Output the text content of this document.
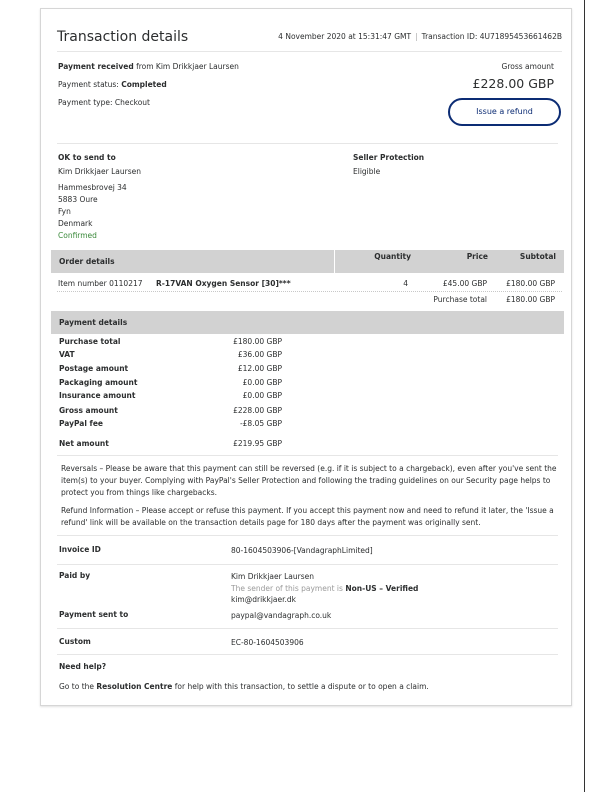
Transaction details	4 November 2020 at 15:31:47 GMT | Transaction ID: 4U71895453661462B
Payment received from Kim Drikkjaer Laursen
Payment status: Completed
Payment type: Checkout
Gross amount
£228.00 GBP
Issue a refund
OK to send to
Kim Drikkjaer Laursen
Hammesbrovej 34
5883 Oure
Fyn
Denmark
Confirmed
Seller Protection
Eligible
Order details
Quantity	Price	Subtotal
Item number 0110217 R-17VAN Oxygen Sensor [30]***	4	£45.00 GBP	£180.00 GBP
Purchase total	£180.00 GBP
Payment details
Purchase total	£180.00 GBP
VAT	£36.00 GBP
Postage amount	£12.00 GBP
Packaging amount	£0.00 GBP
Insurance amount	£0.00 GBP
Gross amount	£228.00 GBP
PayPal fee	-£8.05 GBP
Net amount	£219.95 GBP
Reversals – Please be aware that this payment can still be reversed (e.g. if it is subject to a chargeback), even after you've sent the item(s) to your buyer. Complying with PayPal's Seller Protection and following the trading guidelines on our Security page helps to protect you from things like chargebacks.
Refund Information – Please accept or refuse this payment. If you accept this payment now and need to refund it later, the 'Issue a refund' link will be available on the transaction details page for 180 days after the payment was originally sent.
Invoice ID	80-1604503906-[VandagraphLimited]
Paid by	Kim Drikkjaer Laursen
The sender of this payment is Non-US – Verified
kim@drikkjaer.dk
Payment sent to	paypal@vandagraph.co.uk
Custom	EC-80-1604503906
Need help?
Go to the Resolution Centre for help with this transaction, to settle a dispute or to open a claim.
